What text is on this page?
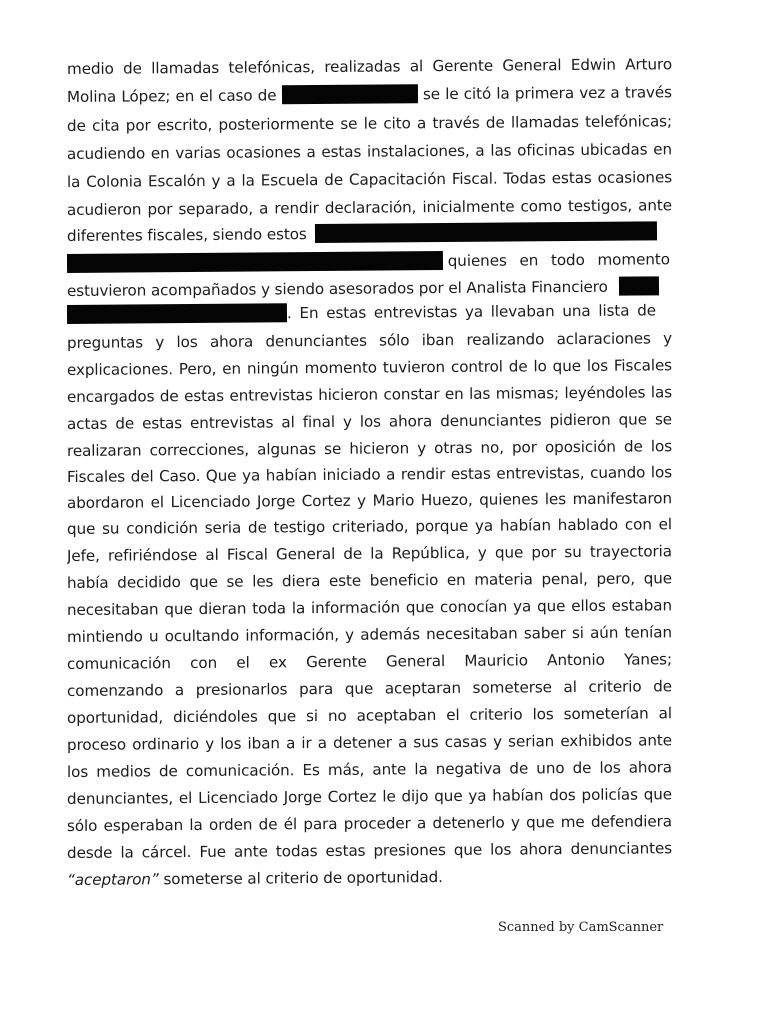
medio de llamadas telefónicas, realizadas al Gerente General Edwin Arturo
Molina López; en el caso de	se le citó la primera vez a través
de cita por escrito, posteriormente se le cito a través de llamadas telefónicas;
acudiendo en varias ocasiones a estas instalaciones, a las oficinas ubicadas en
la Colonia Escalón y a la Escuela de Capacitación Fiscal. Todas estas ocasiones
acudieron por separado, a rendir declaración, inicialmente como testigos, ante
diferentes fiscales, siendo estos
quienes en todo momento
estuvieron acompañados y siendo asesorados por el Analista Financiero
. En estas entrevistas ya llevaban una lista de
preguntas y los ahora denunciantes sólo iban realizando aclaraciones y
explicaciones. Pero, en ningún momento tuvieron control de lo que los Fiscales
encargados de estas entrevistas hicieron constar en las mismas; leyéndoles las
actas de estas entrevistas al final y los ahora denunciantes pidieron que se
realizaran correcciones, algunas se hicieron y otras no, por oposición de los
Fiscales del Caso. Que ya habían iniciado a rendir estas entrevistas, cuando los
abordaron el Licenciado Jorge Cortez y Mario Huezo, quienes les manifestaron
que su condición seria de testigo criteriado, porque ya habían hablado con el
Jefe, refiriéndose al Fiscal General de la República, y que por su trayectoria
había decidido que se les diera este beneficio en materia penal, pero, que
necesitaban que dieran toda la información que conocían ya que ellos estaban
mintiendo u ocultando información, y además necesitaban saber si aún tenían
comunicación con el ex Gerente General Mauricio Antonio Yanes;
comenzando a presionarlos para que aceptaran someterse al criterio de
oportunidad, diciéndoles que si no aceptaban el criterio los someterían al
proceso ordinario y los iban a ir a detener a sus casas y serian exhibidos ante
los medios de comunicación. Es más, ante la negativa de uno de los ahora
denunciantes, el Licenciado Jorge Cortez le dijo que ya habían dos policías que
sólo esperaban la orden de él para proceder a detenerlo y que me defendiera
desde la cárcel. Fue ante todas estas presiones que los ahora denunciantes
“aceptaron” someterse al criterio de oportunidad.
Scanned by CamScanner
